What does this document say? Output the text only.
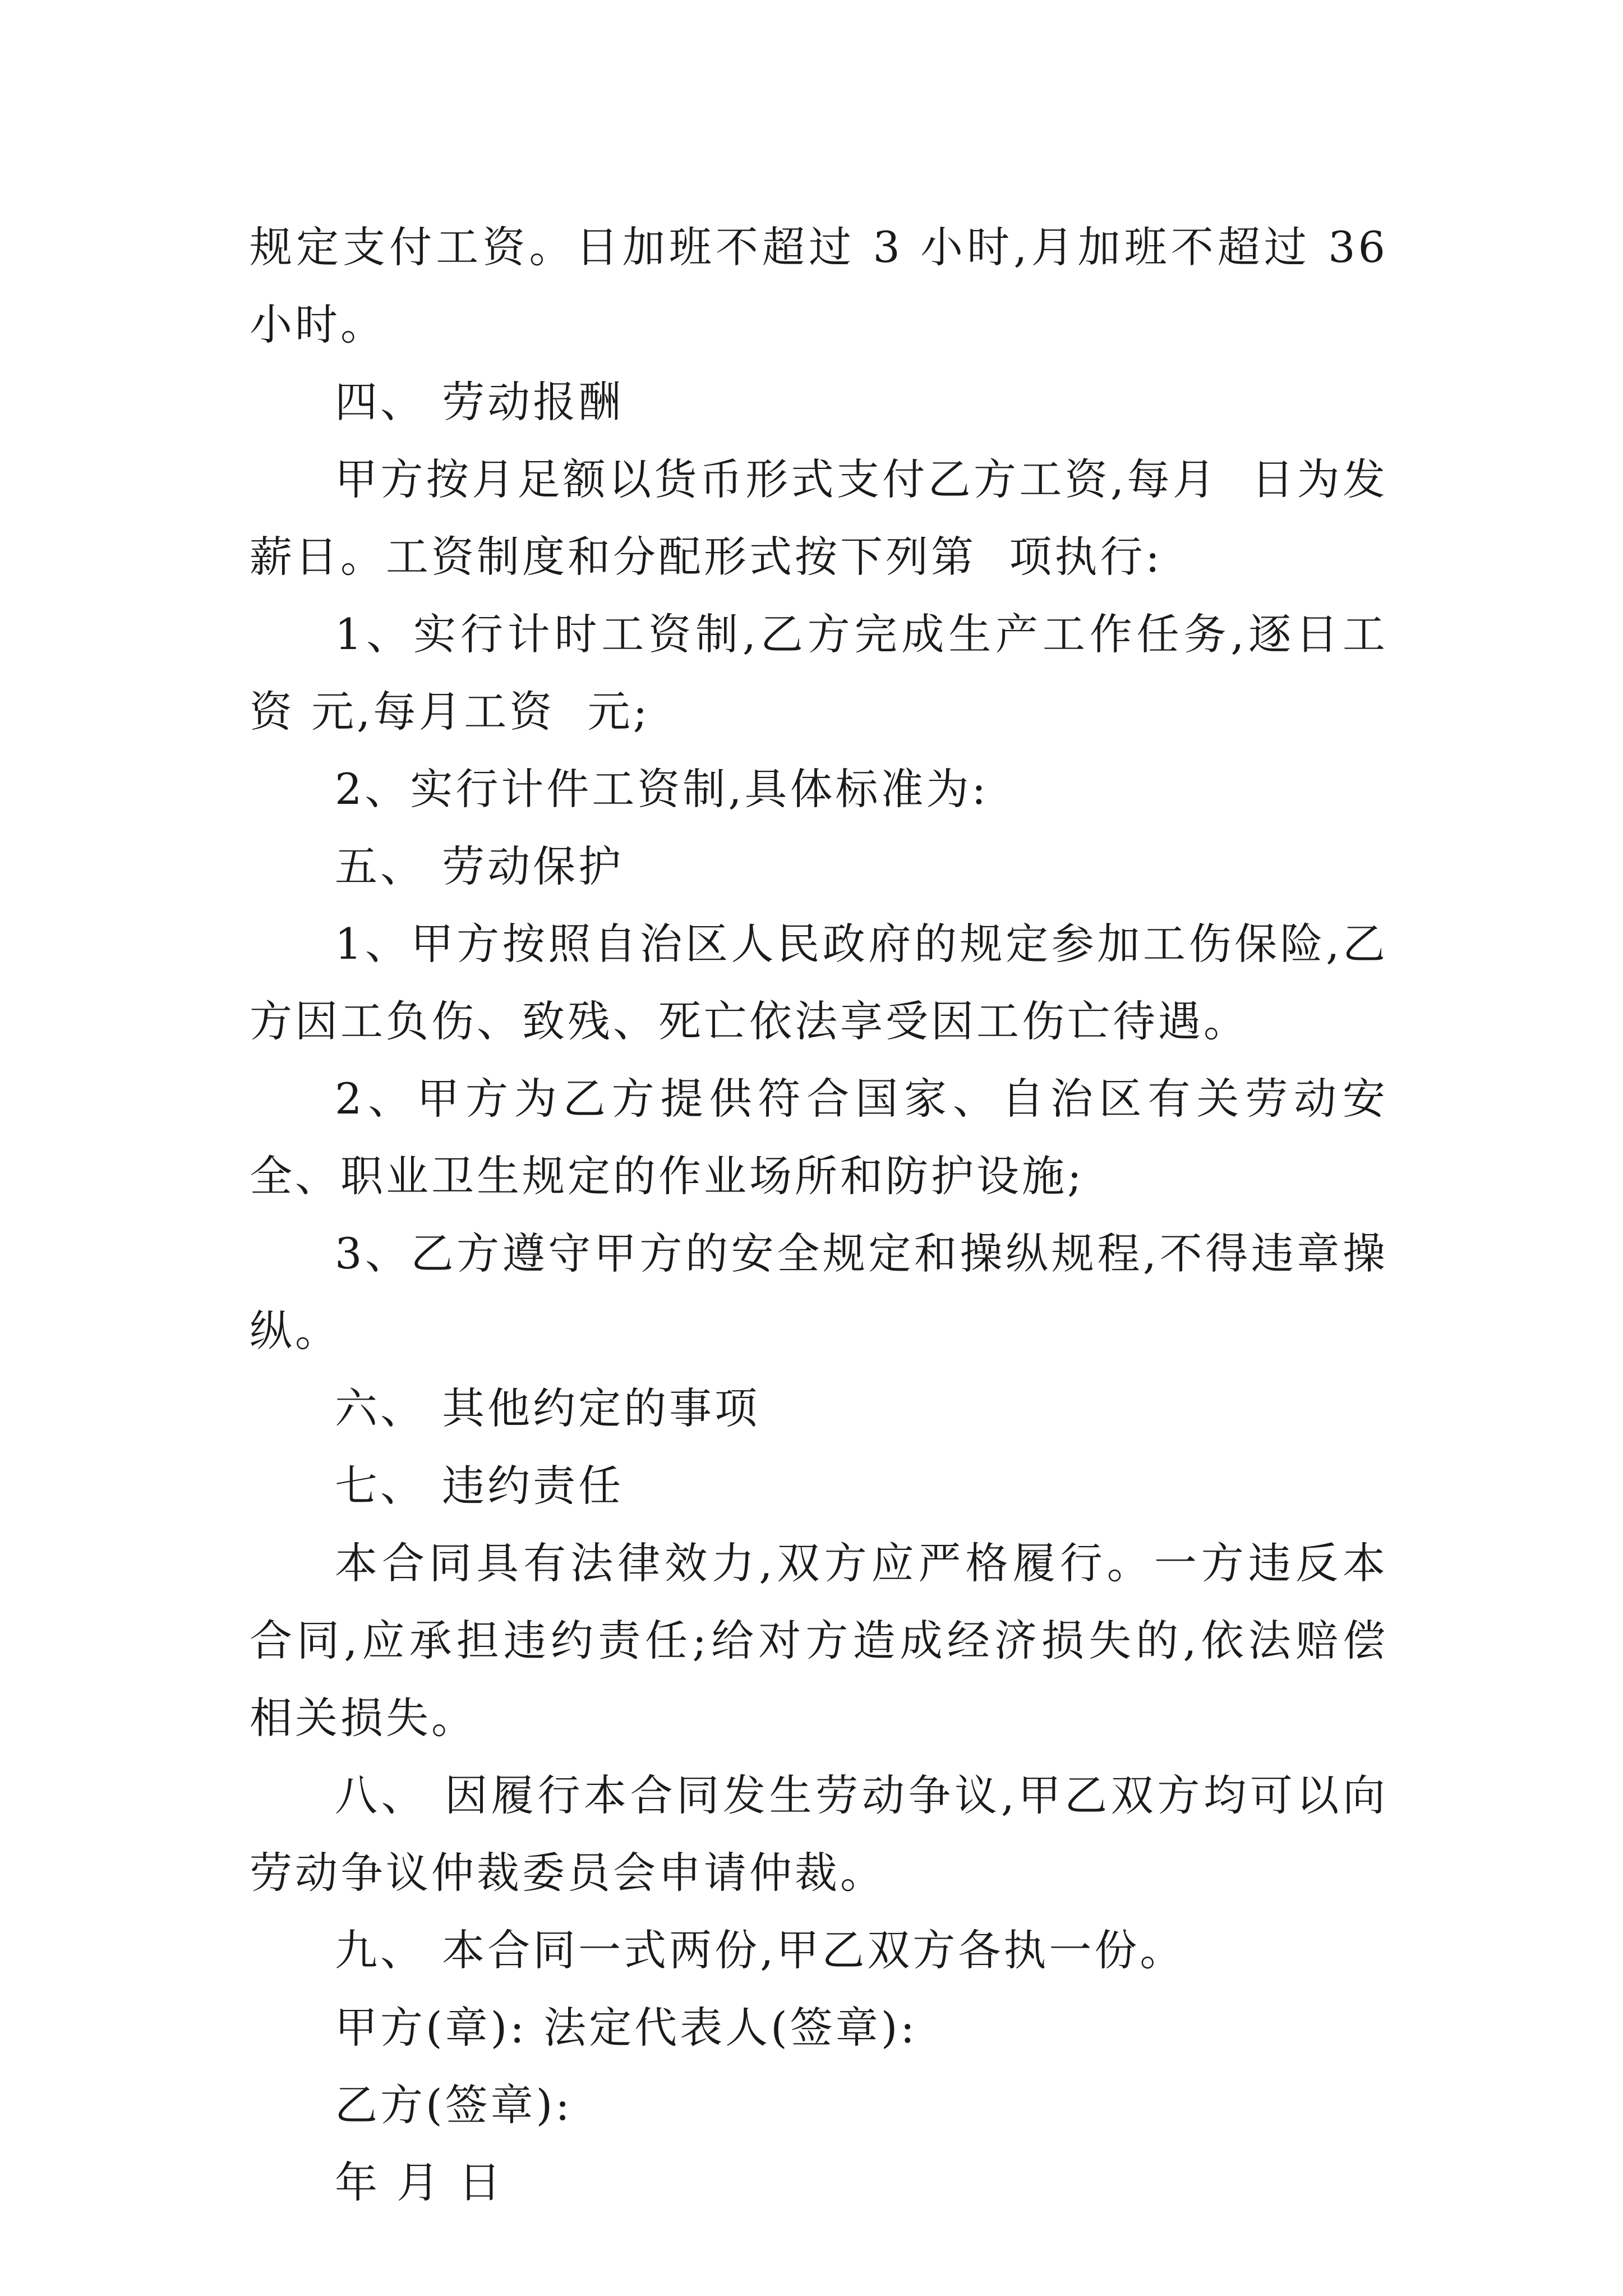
规定支付工资。日加班不超过 3 小时,月加班不超过 36 小时。

四、 劳动报酬

甲方按月足额以货币形式支付乙方工资,每月  日为发薪日。工资制度和分配形式按下列第  项执行:

1、实行计时工资制,乙方完成生产工作任务,逐日工资 元,每月工资  元;

2、实行计件工资制,具体标准为:

五、 劳动保护

1、甲方按照自治区人民政府的规定参加工伤保险,乙方因工负伤、致残、死亡依法享受因工伤亡待遇。

2、甲方为乙方提供符合国家、自治区有关劳动安全、职业卫生规定的作业场所和防护设施;

3、乙方遵守甲方的安全规定和操纵规程,不得违章操纵。

六、 其他约定的事项

七、 违约责任

本合同具有法律效力,双方应严格履行。一方违反本合同,应承担违约责任;给对方造成经济损失的,依法赔偿相关损失。

八、 因履行本合同发生劳动争议,甲乙双方均可以向劳动争议仲裁委员会申请仲裁。

九、 本合同一式两份,甲乙双方各执一份。

甲方(章): 法定代表人(签章):

乙方(签章):

年 月 日
